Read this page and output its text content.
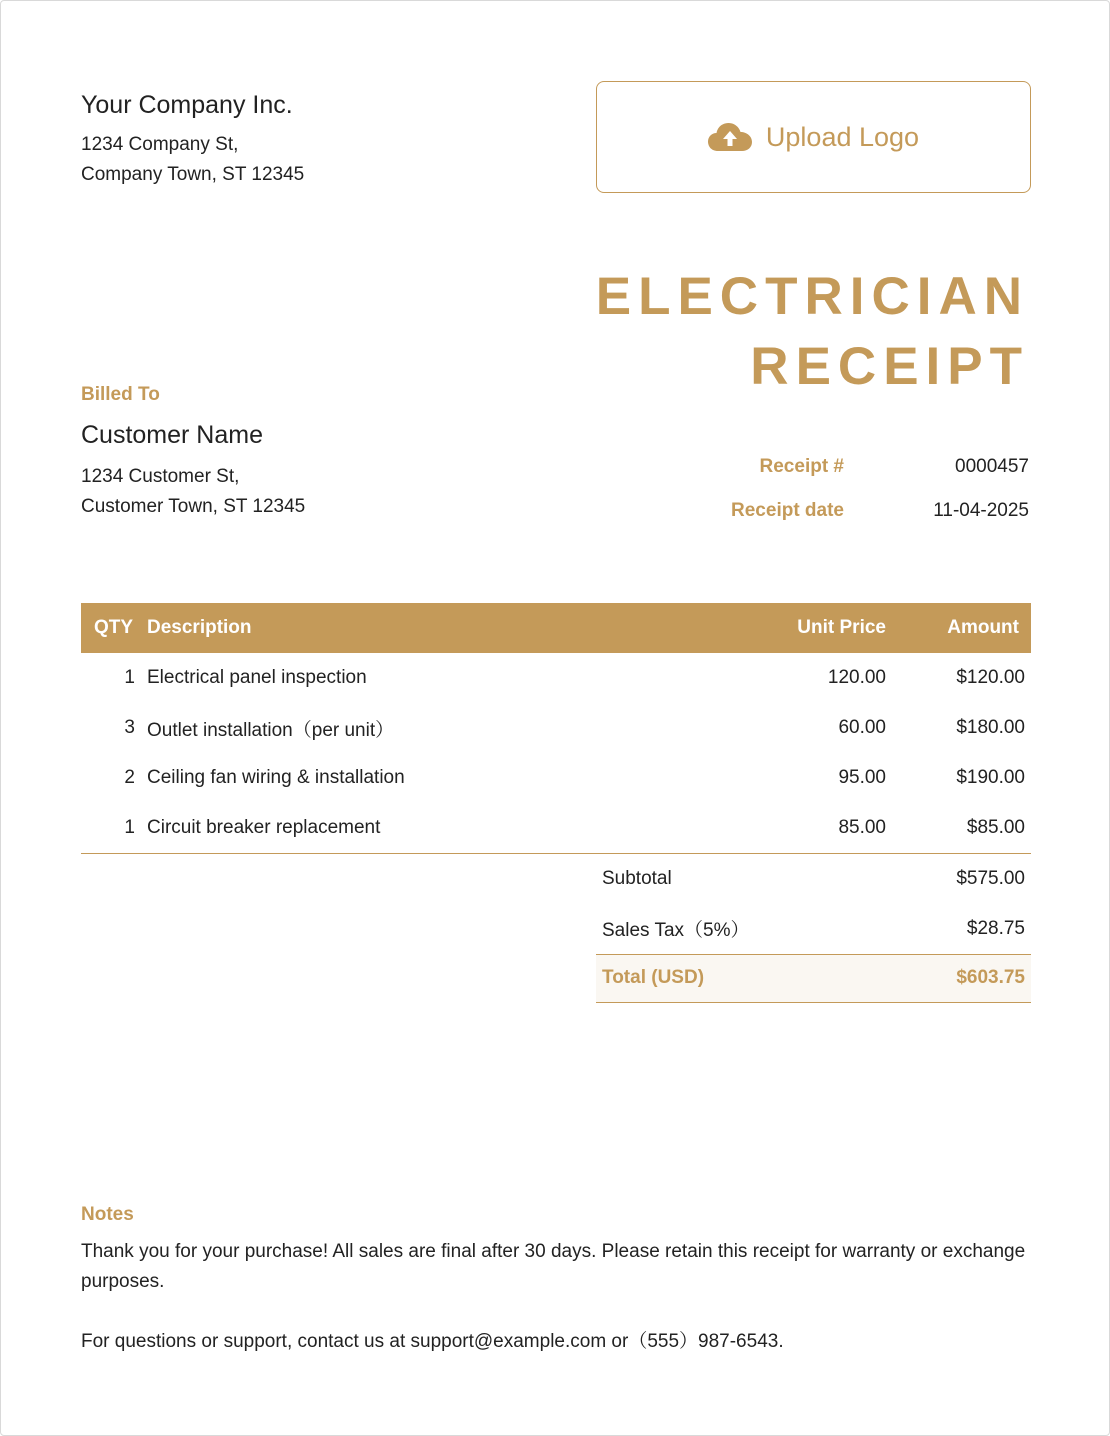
Your Company Inc.
1234 Company St,
Company Town, ST 12345
Upload Logo
ELECTRICIAN
RECEIPT
Billed To
Customer Name
1234 Customer St,
Customer Town, ST 12345
Receipt #	0000457
Receipt date	11-04-2025
QTY	Description	Unit Price	Amount
1	Electrical panel inspection	120.00	$120.00
3	Outlet installation（per unit）	60.00	$180.00
2	Ceiling fan wiring & installation	95.00	$190.00
1	Circuit breaker replacement	85.00	$85.00
Subtotal	$575.00
Sales Tax（5%）	$28.75
Total (USD)	$603.75
Notes
Thank you for your purchase! All sales are final after 30 days. Please retain this receipt for warranty or exchange purposes.
For questions or support, contact us at support@example.com or（555）987-6543.
